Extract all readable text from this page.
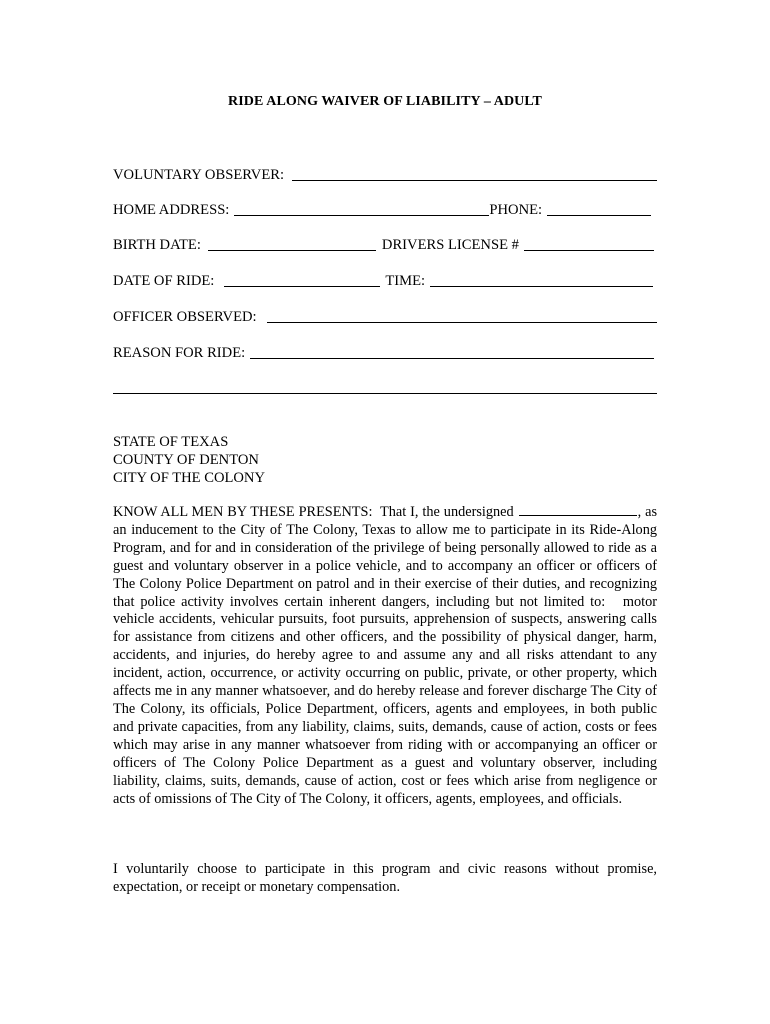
RIDE ALONG WAIVER OF LIABILITY – ADULT
VOLUNTARY OBSERVER:
HOME ADDRESS:	PHONE:
BIRTH DATE:	DRIVERS LICENSE #
DATE OF RIDE:	TIME:
OFFICER OBSERVED:
REASON FOR RIDE:
STATE OF TEXAS
COUNTY OF DENTON
CITY OF THE COLONY
KNOW ALL MEN BY THESE PRESENTS:  That I, the undersigned	, as an inducement to the City of The Colony, Texas to allow me to participate in its Ride-Along Program, and for and in consideration of the privilege of being personally allowed to ride as a guest and voluntary observer in a police vehicle, and to accompany an officer or officers of The Colony Police Department on patrol and in their exercise of their duties, and recognizing that police activity involves certain inherent dangers, including but not limited to:   motor vehicle accidents, vehicular pursuits, foot pursuits, apprehension of suspects, answering calls for assistance from citizens and other officers, and the possibility of physical danger, harm, accidents, and injuries, do hereby agree to and assume any and all risks attendant to any incident, action, occurrence, or activity occurring on public, private, or other property, which affects me in any manner whatsoever, and do hereby release and forever discharge The City of The Colony, its officials, Police Department, officers, agents and employees, in both public and private capacities, from any liability, claims, suits, demands, cause of action, costs or fees which may arise in any manner whatsoever from riding with or accompanying an officer or officers of The Colony Police Department as a guest and voluntary observer, including liability, claims, suits, demands, cause of action, cost or fees which arise from negligence or acts of omissions of The City of The Colony, it officers, agents, employees, and officials.
I voluntarily choose to participate in this program and civic reasons without promise, expectation, or receipt or monetary compensation.
